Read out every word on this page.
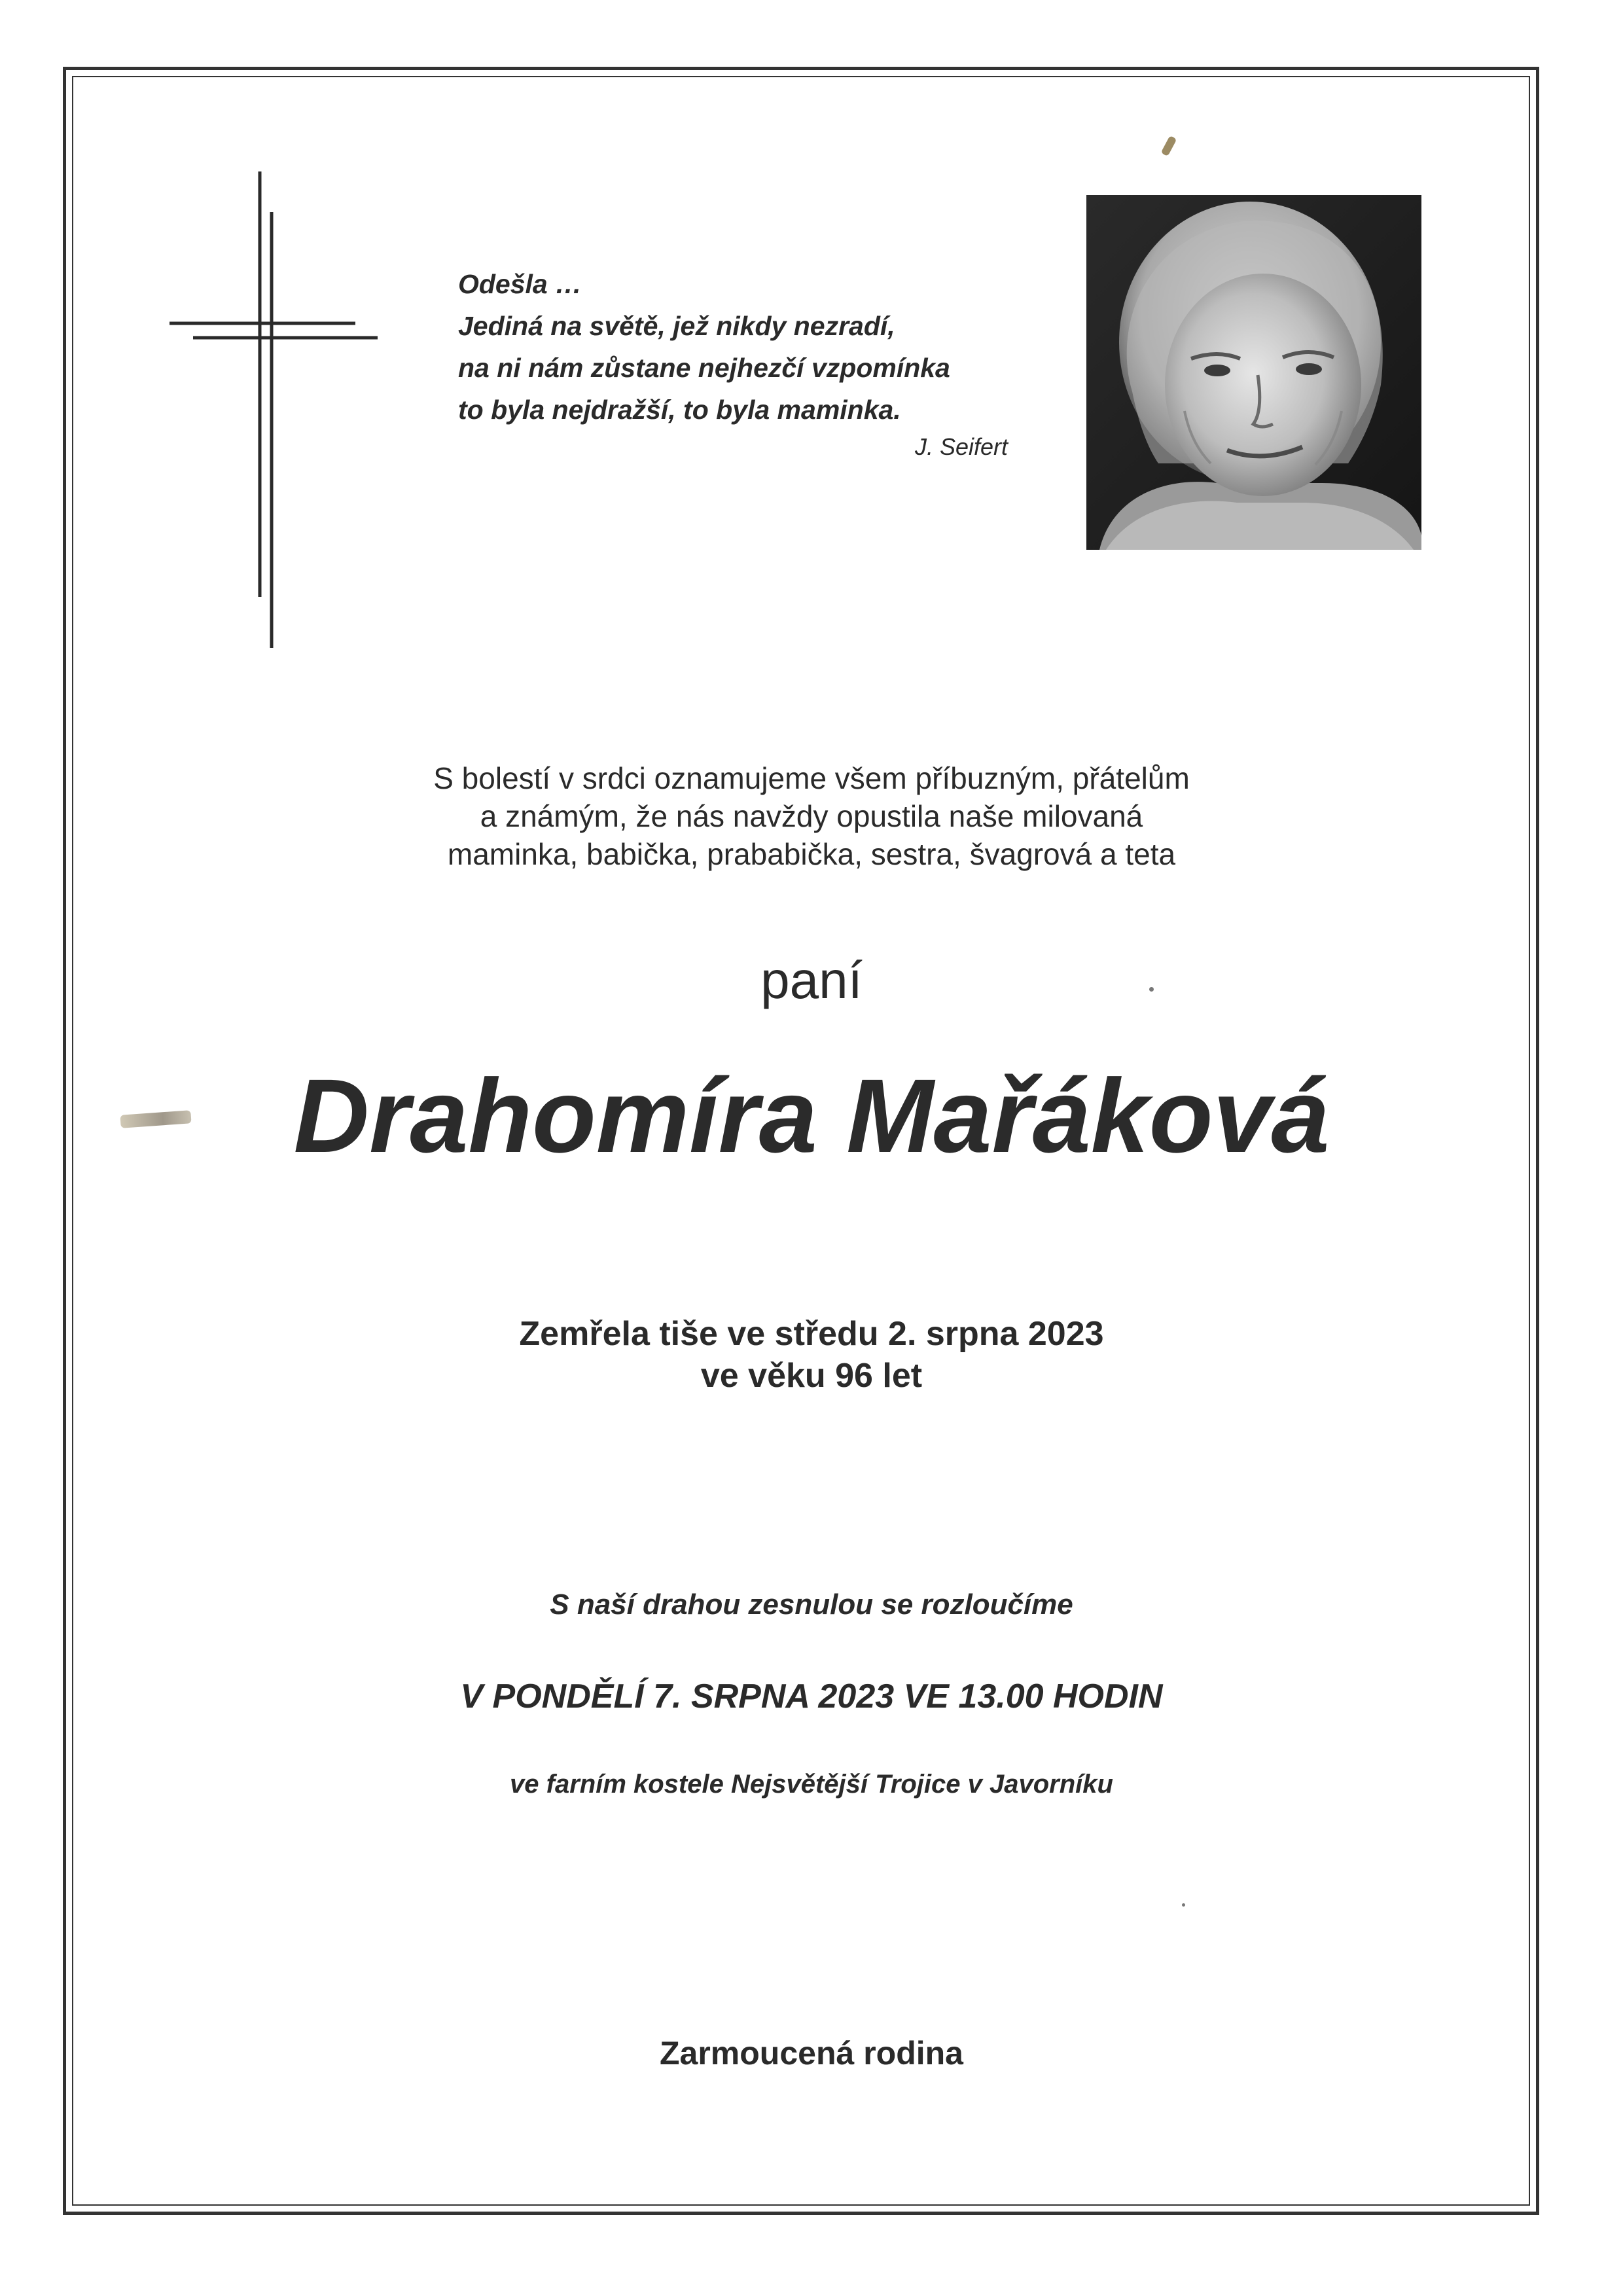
Odešla …
Jediná na světě, jež nikdy nezradí,
na ni nám zůstane nejhezčí vzpomínka
to byla nejdražší, to byla maminka.
J. Seifert
S bolestí v srdci oznamujeme všem příbuzným, přátelům
a známým, že nás navždy opustila naše milovaná
maminka, babička, prababička, sestra, švagrová a teta
paní
Drahomíra Mařáková
Zemřela tiše ve středu 2. srpna 2023
ve věku 96 let
S naší drahou zesnulou se rozloučíme
V PONDĚLÍ 7. SRPNA 2023 VE 13.00 HODIN
ve farním kostele Nejsvětější Trojice v Javorníku
Zarmoucená rodina
